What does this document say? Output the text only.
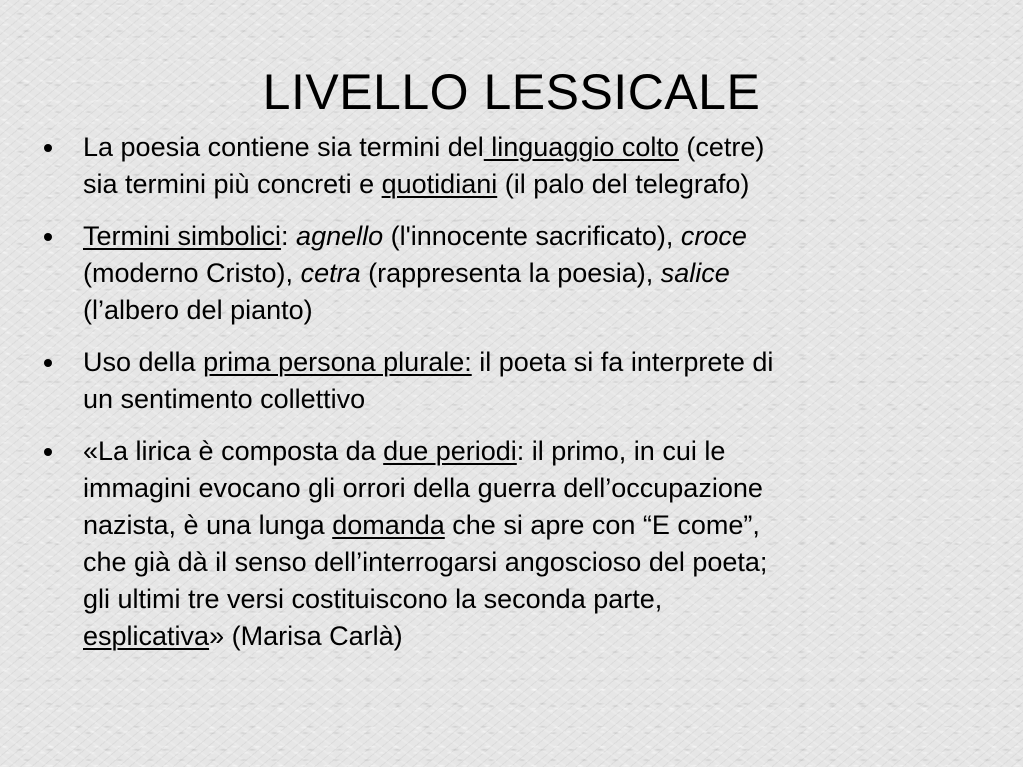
LIVELLO LESSICALE
La poesia contiene sia termini del linguaggio colto (cetre)
sia termini più concreti e quotidiani (il palo del telegrafo)
Termini simbolici: agnello (l'innocente sacrificato), croce
(moderno Cristo), cetra (rappresenta la poesia), salice
(l’albero del pianto)
Uso della prima persona plurale: il poeta si fa interprete di
un sentimento collettivo
«La lirica è composta da due periodi: il primo, in cui le
immagini evocano gli orrori della guerra dell’occupazione
nazista, è una lunga domanda che si apre con “E come”,
che già dà il senso dell’interrogarsi angoscioso del poeta;
gli ultimi tre versi costituiscono la seconda parte,
esplicativa» (Marisa Carlà)
